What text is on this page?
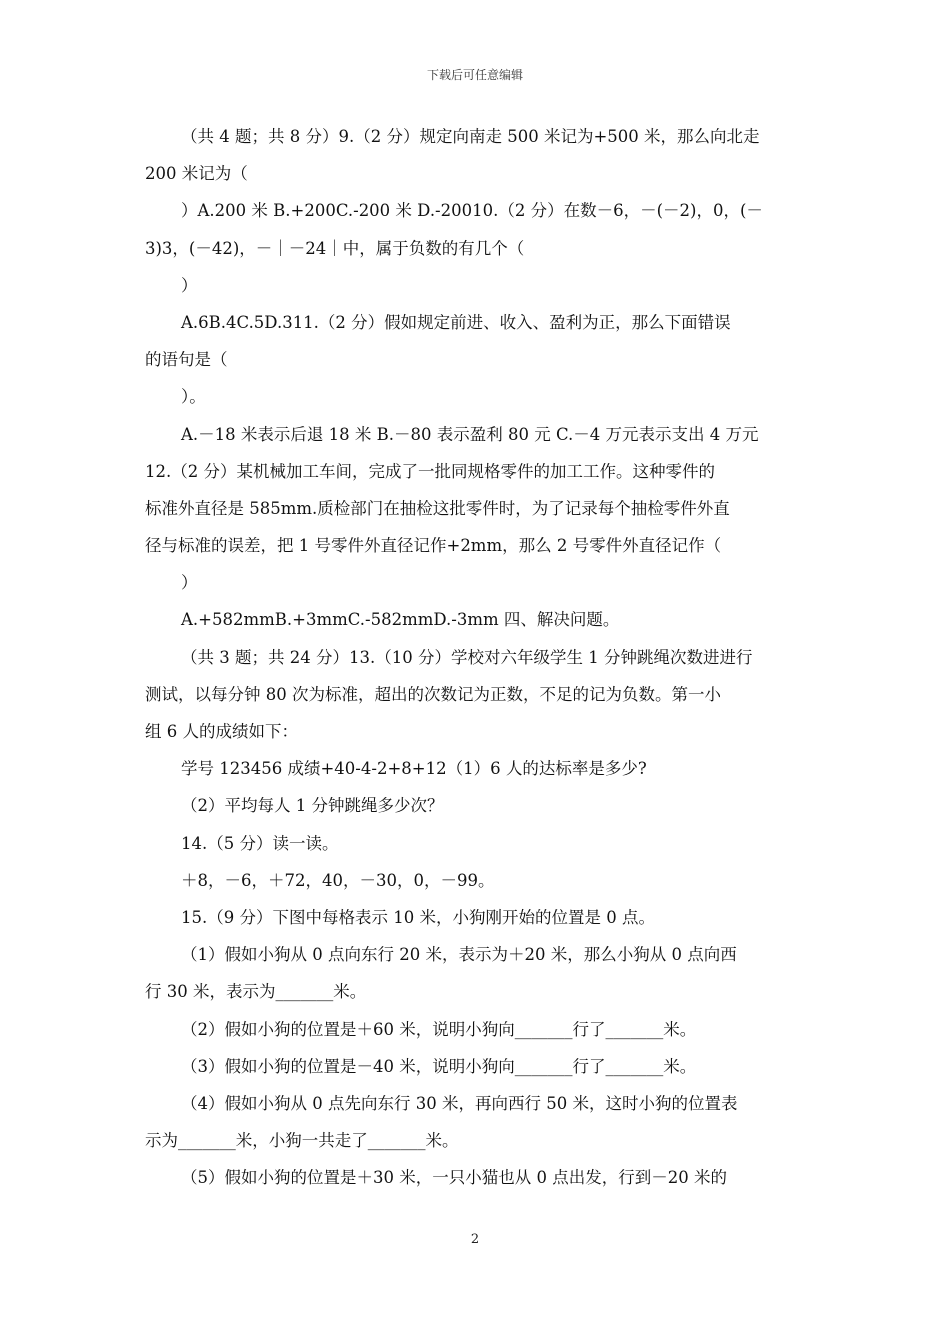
下载后可任意编辑
（共 4 题；共 8 分）9.（2 分）规定向南走 500 米记为+500 米，那么向北走
200 米记为（
）A.200 米 B.+200C.-200 米 D.-20010.（2 分）在数－6，－(－2)，0，(－
3)3，(－42)，－｜－24｜中，属于负数的有几个（
）
A.6B.4C.5D.311.（2 分）假如规定前进、收入、盈利为正，那么下面错误
的语句是（
）。
A.－18 米表示后退 18 米 B.－80 表示盈利 80 元 C.－4 万元表示支出 4 万元
12.（2 分）某机械加工车间，完成了一批同规格零件的加工工作。这种零件的
标准外直径是 585mm.质检部门在抽检这批零件时，为了记录每个抽检零件外直
径与标准的误差，把 1 号零件外直径记作+2mm，那么 2 号零件外直径记作（
）
A.+582mmB.+3mmC.-582mmD.-3mm 四、解决问题。
（共 3 题；共 24 分）13.（10 分）学校对六年级学生 1 分钟跳绳次数进进行
测试，以每分钟 80 次为标准，超出的次数记为正数，不足的记为负数。第一小
组 6 人的成绩如下：
学号 123456 成绩+40-4-2+8+12（1）6 人的达标率是多少?
（2）平均每人 1 分钟跳绳多少次？
14.（5 分）读一读。
＋8，－6，＋72，40，－30，0，－99。
15.（9 分）下图中每格表示 10 米，小狗刚开始的位置是 0 点。
（1）假如小狗从 0 点向东行 20 米，表示为＋20 米，那么小狗从 0 点向西
行 30 米，表示为_______米。
（2）假如小狗的位置是＋60 米，说明小狗向_______行了_______米。
（3）假如小狗的位置是－40 米，说明小狗向_______行了_______米。
（4）假如小狗从 0 点先向东行 30 米，再向西行 50 米，这时小狗的位置表
示为_______米，小狗一共走了_______米。
（5）假如小狗的位置是＋30 米，一只小猫也从 0 点出发，行到－20 米的
2
